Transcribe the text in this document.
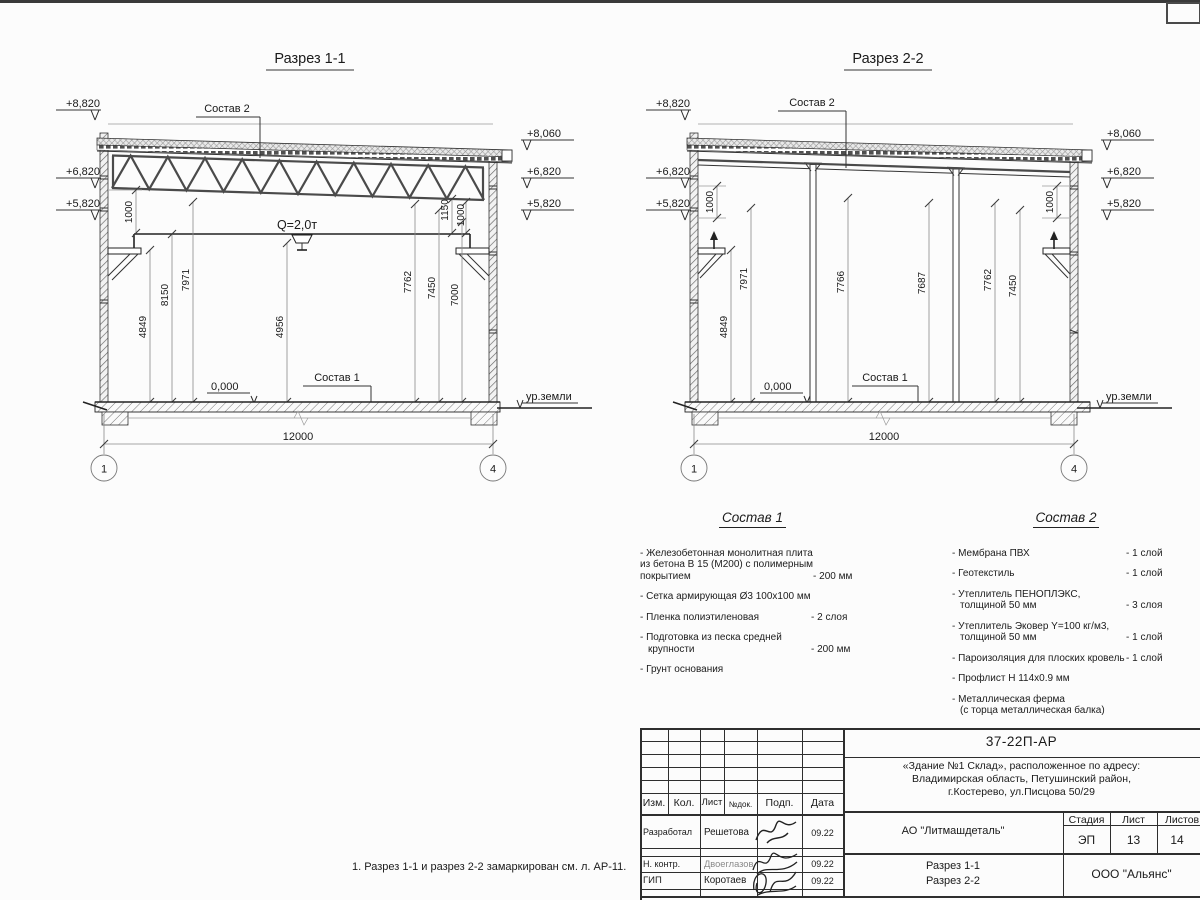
Разрез 1-1
Q=2,0т
4849
8150
7971
4956
7762 7450 7000
1000	1150 1000
Состав 2
Состав 1
0,000
ур.земли
12000
1	4
+8,820
+6,820
+5,820
+8,060
+6,820
+5,820
Разрез 2-2
4849
7971	7766	7687	7762 7450
1000	1000
Состав 2
Состав 1
0,000
ур.земли
12000
1	4
+8,820
+6,820
+5,820
+8,060
+6,820
+5,820
Состав 1
- Железобетонная монолитная плита
из бетона В 15 (М200) с полимерным
покрытием	- 200 мм
- Сетка армирующая Ø3 100х100 мм
- Пленка полиэтиленовая	- 2 слоя
- Подготовка из песка средней
крупности	- 200 мм
- Грунт основания
Состав 2
- Мембрана ПВХ	- 1 слой
- Геотекстиль	- 1 слой
- Утеплитель ПЕНОПЛЭКС,
толщиной 50 мм	- 3 слоя
- Утеплитель Эковер Y=100 кг/м3,
толщиной 50 мм	- 1 слой
- Пароизоляция для плоских кровель - 1 слой
- Профлист Н 114х0.9 мм
- Металлическая ферма
(с торца металлическая балка)
1. Разрез 1-1 и разрез 2-2 замаркирован см. л. АР-11.
37-22П-АР
«Здание №1 Склад», расположенное по адресу:
Владимирская область, Петушинский район,
г.Костерево, ул.Писцова 50/29
Изм. Кол. Лист №док.	Подп.	Дата
Разработал	Решетова	09.22
Н. контр.	Двоеглазов	09.22
ГИП	Коротаев	09.22
АО "Литмашдеталь"
Стадия	Лист	Листов
ЭП	13	14
Разрез 1-1
Разрез 2-2	ООО "Альянс"
